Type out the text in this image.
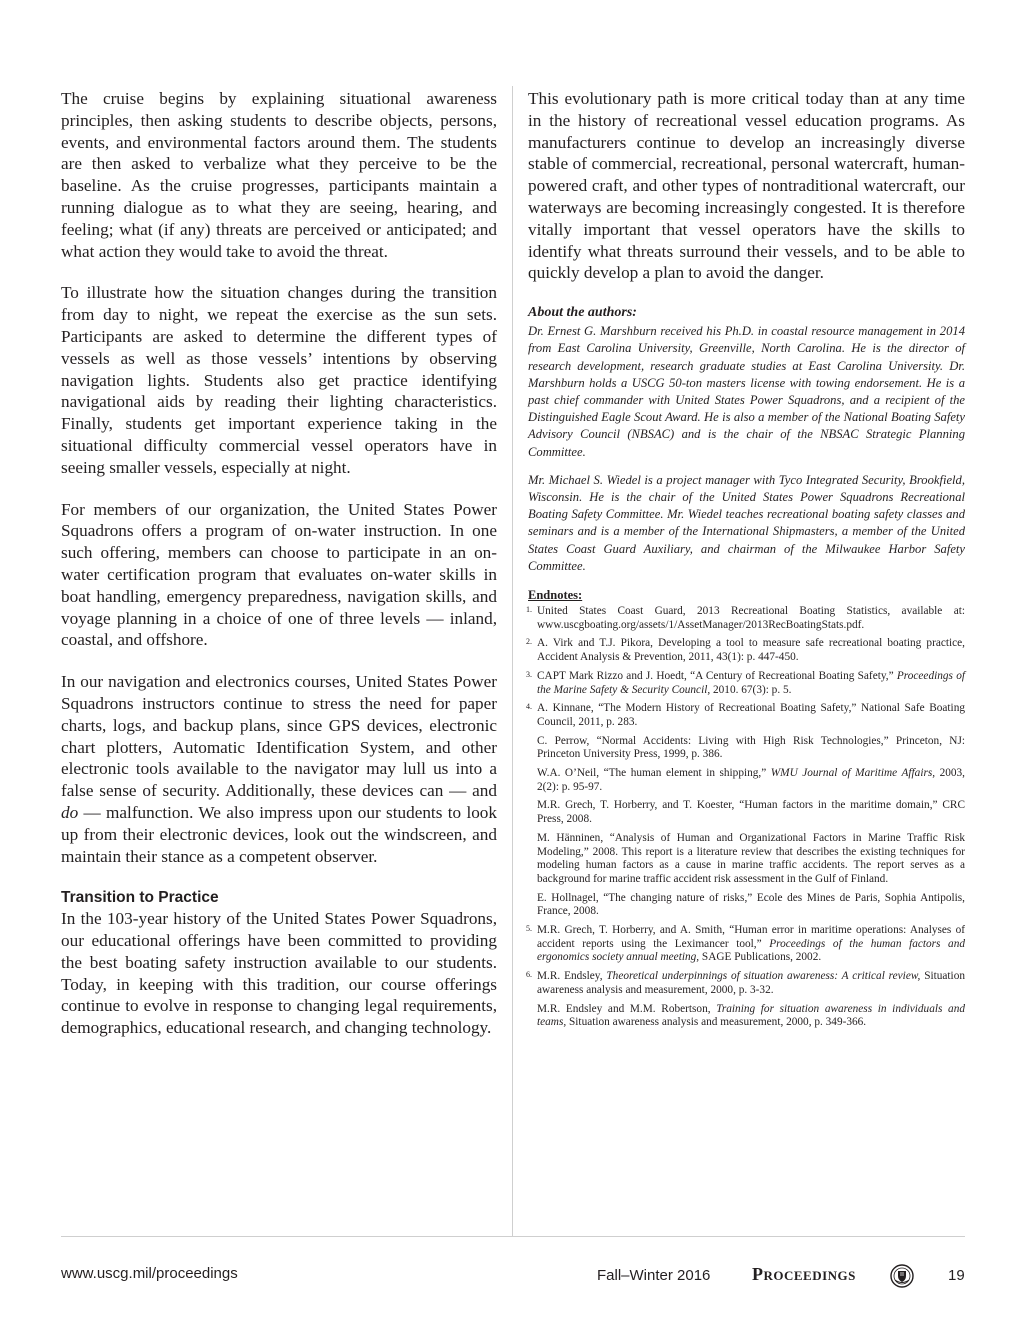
The cruise begins by explaining situational awareness principles, then asking students to describe objects, persons, events, and environmental factors around them. The students are then asked to verbalize what they perceive to be the baseline. As the cruise progresses, participants maintain a running dialogue as to what they are seeing, hearing, and feeling; what (if any) threats are perceived or anticipated; and what action they would take to avoid the threat.

To illustrate how the situation changes during the transition from day to night, we repeat the exercise as the sun sets. Participants are asked to determine the different types of vessels as well as those vessels’ intentions by observing navigation lights. Students also get practice identifying navigational aids by reading their lighting characteristics. Finally, students get important experience taking in the situational difficulty commercial vessel operators have in seeing smaller vessels, especially at night.

For members of our organization, the United States Power Squadrons offers a program of on-water instruction. In one such offering, members can choose to participate in an on-water certification program that evaluates on-water skills in boat handling, emergency preparedness, navigation skills, and voyage planning in a choice of one of three levels — inland, coastal, and offshore.

In our navigation and electronics courses, United States Power Squadrons instructors continue to stress the need for paper charts, logs, and backup plans, since GPS devices, electronic chart plotters, Automatic Identification System, and other electronic tools available to the navigator may lull us into a false sense of security. Additionally, these devices can — and do — malfunction. We also impress upon our students to look up from their electronic devices, look out the windscreen, and maintain their stance as a competent observer.

Transition to Practice

In the 103-year history of the United States Power Squadrons, our educational offerings have been committed to providing the best boating safety instruction available to our students. Today, in keeping with this tradition, our course offerings continue to evolve in response to changing legal requirements, demographics, educational research, and changing technology.

This evolutionary path is more critical today than at any time in the history of recreational vessel education programs. As manufacturers continue to develop an increasingly diverse stable of commercial, recreational, personal watercraft, human-powered craft, and other types of nontraditional watercraft, our waterways are becoming increasingly congested. It is therefore vitally important that vessel operators have the skills to identify what threats surround their vessels, and to be able to quickly develop a plan to avoid the danger.

About the authors:

Dr. Ernest G. Marshburn received his Ph.D. in coastal resource management in 2014 from East Carolina University, Greenville, North Carolina. He is the director of research development, research graduate studies at East Carolina University. Dr. Marshburn holds a USCG 50-ton masters license with towing endorsement. He is a past chief commander with United States Power Squadrons, and a recipient of the Distinguished Eagle Scout Award. He is also a member of the National Boating Safety Advisory Council (NBSAC) and is the chair of the NBSAC Strategic Planning Committee.

Mr. Michael S. Wiedel is a project manager with Tyco Integrated Security, Brookfield, Wisconsin. He is the chair of the United States Power Squadrons Recreational Boating Safety Committee. Mr. Wiedel teaches recreational boating safety classes and seminars and is a member of the International Shipmasters, a member of the United States Coast Guard Auxiliary, and chairman of the Milwaukee Harbor Safety Committee.

Endnotes:

1. United States Coast Guard, 2013 Recreational Boating Statistics, available at: www.uscgboating.org/assets/1/AssetManager/2013RecBoatingStats.pdf.

2. A. Virk and T.J. Pikora, Developing a tool to measure safe recreational boating practice, Accident Analysis & Prevention, 2011, 43(1): p. 447-450.

3. CAPT Mark Rizzo and J. Hoedt, “A Century of Recreational Boating Safety,” Proceedings of the Marine Safety & Security Council, 2010. 67(3): p. 5.

4. A. Kinnane, “The Modern History of Recreational Boating Safety,” National Safe Boating Council, 2011, p. 283.

C. Perrow, “Normal Accidents: Living with High Risk Technologies,” Princeton, NJ: Princeton University Press, 1999, p. 386.

W.A. O’Neil, “The human element in shipping,” WMU Journal of Maritime Affairs, 2003, 2(2): p. 95-97.

M.R. Grech, T. Horberry, and T. Koester, “Human factors in the maritime domain,” CRC Press, 2008.

M. Hänninen, “Analysis of Human and Organizational Factors in Marine Traffic Risk Modeling,” 2008. This report is a literature review that describes the existing techniques for modeling human factors as a cause in marine traffic accidents. The report serves as a background for marine traffic accident risk assessment in the Gulf of Finland.

E. Hollnagel, “The changing nature of risks,” Ecole des Mines de Paris, Sophia Antipolis, France, 2008.

5. M.R. Grech, T. Horberry, and A. Smith, “Human error in maritime operations: Analyses of accident reports using the Leximancer tool,” Proceedings of the human factors and ergonomics society annual meeting, SAGE Publications, 2002.

6. M.R. Endsley, Theoretical underpinnings of situation awareness: A critical review, Situation awareness analysis and measurement, 2000, p. 3-32.

M.R. Endsley and M.M. Robertson, Training for situation awareness in individuals and teams, Situation awareness analysis and measurement, 2000, p. 349-366.

www.uscg.mil/proceedings	Fall–Winter 2016 Proceedings	19
